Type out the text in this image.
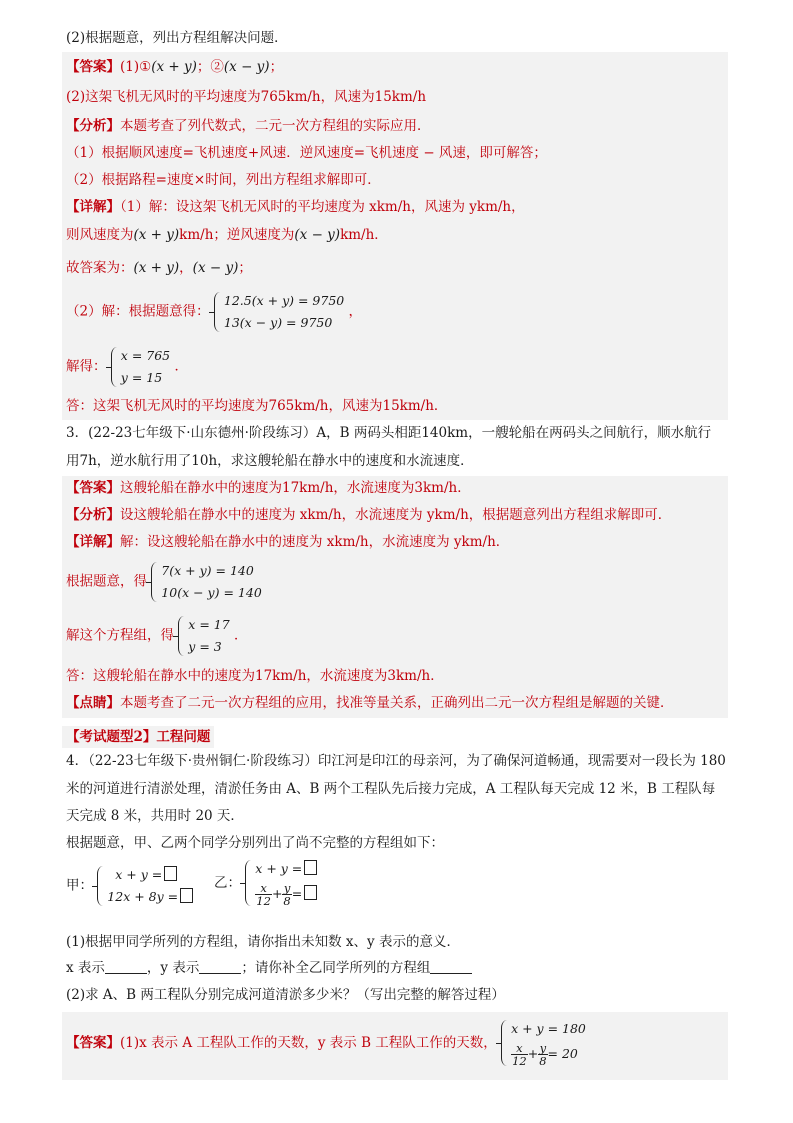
(2)根据题意，列出方程组解决问题．
【答案】(1)①(x + y)；②(x − y)；
(2)这架飞机无风时的平均速度为765km/h，风速为15km/h
【分析】本题考查了列代数式，二元一次方程组的实际应用．
（1）根据顺风速度=飞机速度+风速．逆风速度=飞机速度 − 风速，即可解答；
（2）根据路程=速度×时间，列出方程组求解即可．
【详解】（1）解：设这架飞机无风时的平均速度为 xkm/h，风速为 ykm/h，
则风速度为(x + y)km/h；逆风速度为(x − y)km/h．
故答案为：(x + y)，(x − y)；
（2）解：根据题意得：
12.5(x + y) = 9750
13(x − y) = 9750
，
解得：
x = 765
y = 15
．
答：这架飞机无风时的平均速度为765km/h，风速为15km/h．
3．(22-23七年级下·山东德州·阶段练习）A，B 两码头相距140km，一艘轮船在两码头之间航行，顺水航行
用7h，逆水航行用了10h，求这艘轮船在静水中的速度和水流速度．
【答案】这艘轮船在静水中的速度为17km/h，水流速度为3km/h．
【分析】设这艘轮船在静水中的速度为 xkm/h，水流速度为 ykm/h，根据题意列出方程组求解即可．
【详解】解：设这艘轮船在静水中的速度为 xkm/h，水流速度为 ykm/h．
根据题意，得
7(x + y) = 140
10(x − y) = 140
解这个方程组，得
x = 17
y = 3
．
答：这艘轮船在静水中的速度为17km/h，水流速度为3km/h．
【点睛】本题考查了二元一次方程组的应用，找准等量关系，正确列出二元一次方程组是解题的关键．
【考试题型2】工程问题
4．（22-23七年级下·贵州铜仁·阶段练习）印江河是印江的母亲河，为了确保河道畅通，现需要对一段长为 180
米的河道进行清淤处理，清淤任务由 A、B 两个工程队先后接力完成，A 工程队每天完成 12 米，B 工程队每
天完成 8 米，共用时 20 天．
根据题意，甲、乙两个同学分别列出了尚不完整的方程组如下：
甲：
x + y =
12x + 8y =
乙：
x + y =
$\frac{x}{12} + \frac{y}{8}$ =
(1)根据甲同学所列的方程组，请你指出未知数 x、y 表示的意义．
x 表示	，y 表示	；请你补全乙同学所列的方程组
(2)求 A、B 两工程队分别完成河道清淤多少米？（写出完整的解答过程）
【答案】(1)x 表示 A 工程队工作的天数，y 表示 B 工程队工作的天数，
x + y = 180
$\frac{x}{12} + \frac{y}{8} = 20$
